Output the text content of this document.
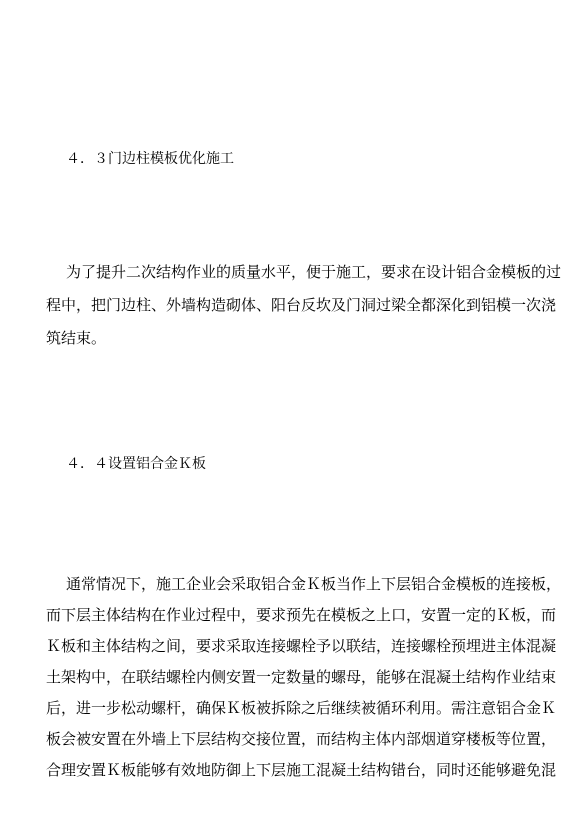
４．３门边柱模板优化施工

为了提升二次结构作业的质量水平，便于施工，要求在设计铝合金模板的过

程中，把门边柱、外墙构造砌体、阳台反坎及门洞过梁全都深化到铝模一次浇

筑结束。

４．４设置铝合金Ｋ板

通常情况下，施工企业会采取铝合金Ｋ板当作上下层铝合金模板的连接板，

而下层主体结构在作业过程中，要求预先在模板之上口，安置一定的Ｋ板，而

Ｋ板和主体结构之间，要求采取连接螺栓予以联结，连接螺栓预埋进主体混凝

土架构中，在联结螺栓内侧安置一定数量的螺母，能够在混凝土结构作业结束

后，进一步松动螺杆，确保Ｋ板被拆除之后继续被循环利用。需注意铝合金Ｋ

板会被安置在外墙上下层结构交接位置，而结构主体内部烟道穿楼板等位置，

合理安置Ｋ板能够有效地防御上下层施工混凝土结构错台，同时还能够避免混
